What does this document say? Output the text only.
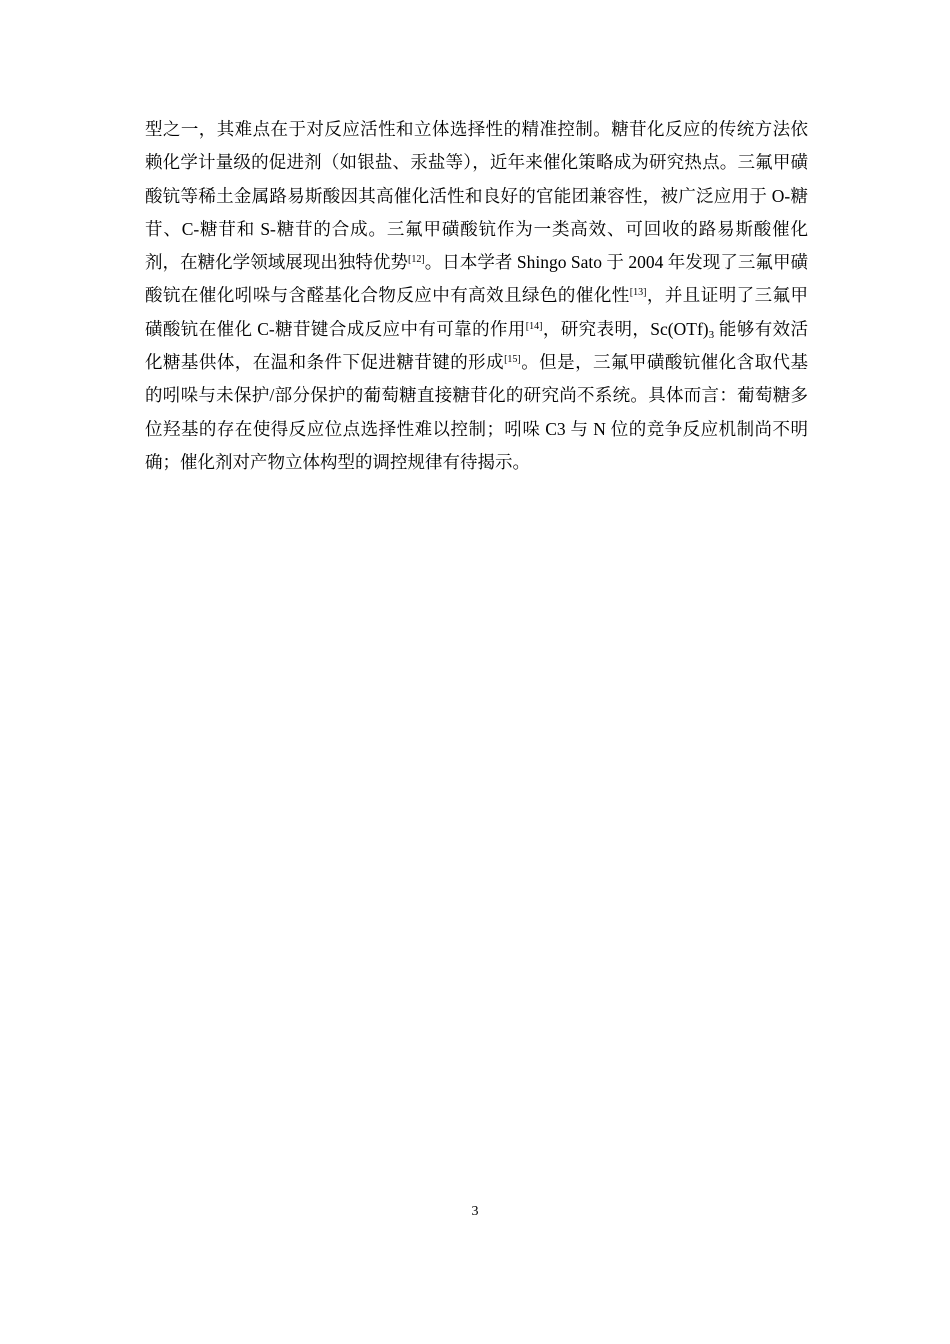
型之一，其难点在于对反应活性和立体选择性的精准控制。糖苷化反应的传统方法依赖化学计量级的促进剂（如银盐、汞盐等），近年来催化策略成为研究热点。三氟甲磺酸钪等稀土金属路易斯酸因其高催化活性和良好的官能团兼容性，被广泛应用于 O-糖苷、C-糖苷和 S-糖苷的合成。三氟甲磺酸钪作为一类高效、可回收的路易斯酸催化剂，在糖化学领域展现出独特优势[12]。日本学者 Shingo Sato 于 2004 年发现了三氟甲磺酸钪在催化吲哚与含醛基化合物反应中有高效且绿色的催化性[13]，并且证明了三氟甲磺酸钪在催化 C-糖苷键合成反应中有可靠的作用[14]，研究表明，$Sc(OTf)_3$ 能够有效活化糖基供体，在温和条件下促进糖苷键的形成[15]。但是，三氟甲磺酸钪催化含取代基的吲哚与未保护/部分保护的葡萄糖直接糖苷化的研究尚不系统。具体而言：葡萄糖多位羟基的存在使得反应位点选择性难以控制；吲哚 C3 与 N 位的竞争反应机制尚不明确；催化剂对产物立体构型的调控规律有待揭示。

3
